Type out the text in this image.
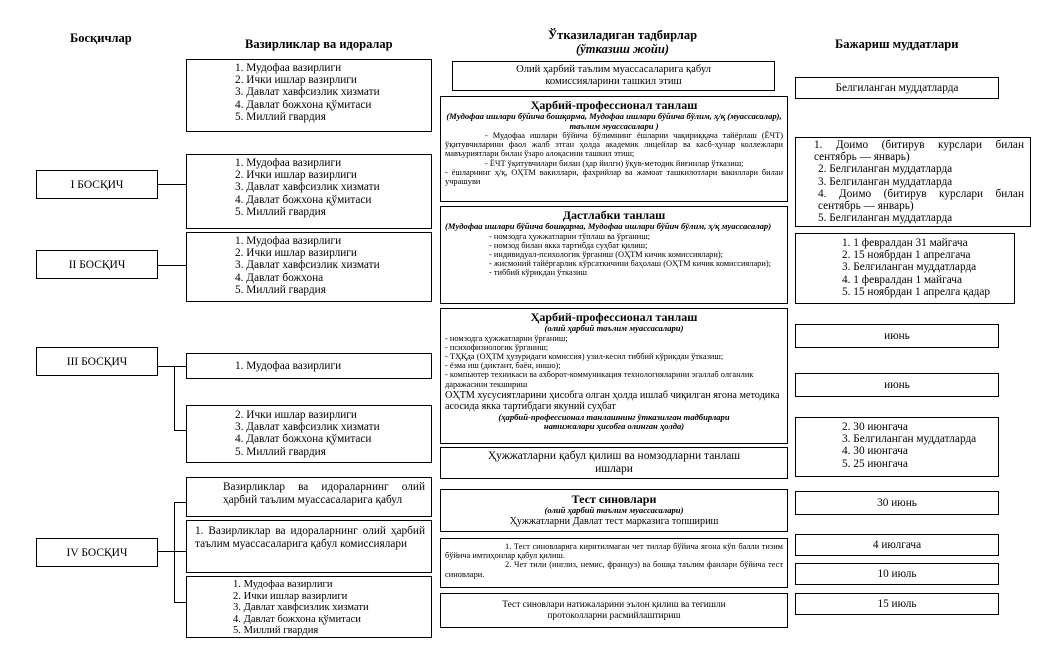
Босқичлар	Вазирликлар ва идоралар
Ўтказиладиган тадбирлар
(ўтказиш жойи)	Бажариш муддатлари
I БОСҚИЧ
II БОСҚИЧ
III БОСҚИЧ
IV БОСҚИЧ
1. Мудофаа вазирлиги
2. Ички ишлар вазирлиги
3. Давлат хавфсизлик хизмати
4. Давлат божхона қўмитаси
5. Миллий гвардия
1. Мудофаа вазирлиги
2. Ички ишлар вазирлиги
3. Давлат хавфсизлик хизмати
4. Давлат божхона қўмитаси
5. Миллий гвардия
1. Мудофаа вазирлиги
2. Ички ишлар вазирлиги
3. Давлат хавфсизлик хизмати
4. Давлат божхона
5. Миллий гвардия
1. Мудофаа вазирлиги
2. Ички ишлар вазирлиги
3. Давлат хавфсизлик хизмати
4. Давлат божхона қўмитаси
5. Миллий гвардия
Вазирликлар ва идораларнинг олий ҳарбий таълим муассасаларига қабул
1. Вазирликлар ва идораларнинг олий ҳарбий таълим муассасаларига қабул комиссиялари
1. Мудофаа вазирлиги
2. Ички ишлар вазирлиги
3. Давлат хавфсизлик хизмати
4. Давлат божхона қўмитаси
5. Миллий гвардия
Олий ҳарбий таълим муассасаларига қабул комиссияларини ташкил этиш
Ҳарбий-профессионал танлаш
(Мудофаа ишлари бўйича бошқарма, Мудофаа ишлари бўйича бўлим, ҳ/қ (муассасалар), таълим муассасалари )
- Мудофаа ишлари бўйича бўлимнинг ёшларни чақириққача тайёрлаш (ЁЧТ) ўқитувчиларини фаол жалб этган ҳолда академик лицейлар ва касб-ҳунар коллежлари мавъуриятлари билан ўзаро алоқасини ташкил этиш;
- ЁЧТ ўқитувчилари билан (ҳар йилги) ўқув-методик йиғинлар ўтказиш;
- ёшларнинг ҳ/қ, ОҲТМ вакиллари, фахрийлар ва жамоат ташкилотлари вакиллари билан учрашуви
Дастлабки танлаш
(Мудофаа ишлари бўйича бошқарма, Мудофаа ишлари бўйич бўлим, ҳ/қ муассасалар)
- номзодга ҳужжатларни тўплаш ва ўрганиш;
- номзод билан якка тартибда суҳбат қилиш;
- индивидуал-психологик ўрганиш (ОҲТМ кичик комиссиялари);
- жисмоний тайёргарлик кўрсаткичини баҳолаш (ОҲТМ кичик комиссиялари);
- тиббий кўрикдан ўтказиш
Ҳарбий-профессионал танлаш
(олий ҳарбий таълим муассасалари)
- номзодга ҳужжатларни ўрганиш;
- психофизиологик ўрганиш;
- ТҲҚда (ОҲТМ ҳузуридаги комиссия) узил-кесил тиббий кўрикдан ўтказиш;
- ёзма иш (диктант, баён, иншо);
- компьютер техникаси ва ахборот-коммуникация технологияларини эгаллаб олганлик даражасини текшириш
ОҲТМ хусусиятларини ҳисобга олган ҳолда ишлаб чиқилган ягона методика асосида якка тартибдаги якуний суҳбат
(ҳарбий-профессионал танлашнинг ўтказилган тадбирлари натижалари ҳисобга олинган ҳолда)
Ҳужжатларни қабул қилиш ва номзодларни танлаш ишлари
Тест синовлари
(олий ҳарбий таълим муассасалари)
Ҳужжатларни Давлат тест марказига топшириш
1. Тест синовларига киритилмаган чет тиллар бўйича ягона кўп балли тизим бўйича имтиҳонлар қабул қилиш.
2. Чет тили (инглиз, немис, француз) ва бошқа таълим фанлари бўйича тест синовлари.
Тест синовлари натижаларини эълон қилиш ва тегишли протоколларни расмийлаштириш
Белгиланган муддатларда
1. Доимо (битирув курслари билан сентябрь — январь)
2. Белгиланган муддатларда
3. Белгиланган муддатларда
4. Доимо (битирув курслари билан сентябрь — январь)
5. Белгиланган муддатларда
1. 1 февралдан 31 майгача
2. 15 ноябрдан 1 апрелгача
3. Белгиланган муддатларда
4. 1 февралдан 1 майгача
5. 15 ноябрдан 1 апрелга қадар
июнь
июнь
2. 30 июнгача
3. Белгиланган муддатларда
4. 30 июнгача
5. 25 июнгача
30 июнь
4 июлгача
10 июль
15 июль
